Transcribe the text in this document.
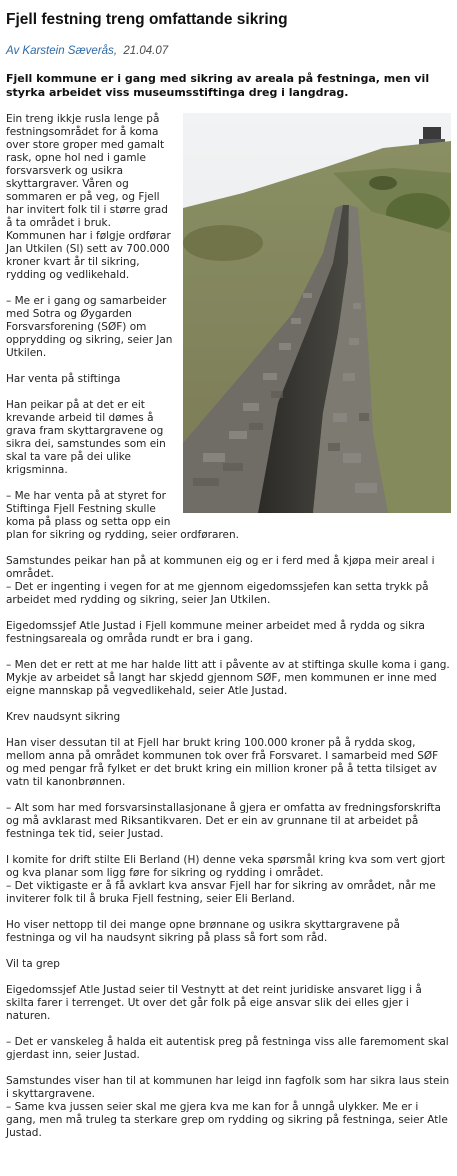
Fjell festning treng omfattande sikring
Av Karstein Sæverås,  21.04.07

Fjell kommune er i gang med sikring av areala på festninga, men vil styrka arbeidet viss museumsstiftinga dreg i langdrag.

Ein treng ikkje rusla lenge på festningsområdet for å koma over store groper med gamalt rask, opne hol ned i gamle forsvarsverk og usikra skyttargraver. Våren og sommaren er på veg, og Fjell har invitert folk til i større grad å ta området i bruk. Kommunen har i følgje ordførar Jan Utkilen (Sl) sett av 700.000 kroner kvart år til sikring, rydding og vedlikehald.

– Me er i gang og samarbeider med Sotra og Øygarden Forsvarsforening (SØF) om opprydding og sikring, seier Jan Utkilen.

Har venta på stiftinga

Han peikar på at det er eit krevande arbeid til dømes å grava fram skyttargravene og sikra dei, samstundes som ein skal ta vare på dei ulike krigsminna.

– Me har venta på at styret for Stiftinga Fjell Festning skulle koma på plass og setta opp ein plan for sikring og rydding, seier ordføraren.

Samstundes peikar han på at kommunen eig og er i ferd med å kjøpa meir areal i området.
– Det er ingenting i vegen for at me gjennom eigedomssjefen kan setta trykk på arbeidet med rydding og sikring, seier Jan Utkilen.

Eigedomssjef Atle Justad i Fjell kommune meiner arbeidet med å rydda og sikra festningsareala og områda rundt er bra i gang.

– Men det er rett at me har halde litt att i påvente av at stiftinga skulle koma i gang. Mykje av arbeidet så langt har skjedd gjennom SØF, men kommunen er inne med eigne mannskap på vegvedlikehald, seier Atle Justad.

Krev naudsynt sikring

Han viser dessutan til at Fjell har brukt kring 100.000 kroner på å rydda skog, mellom anna på området kommunen tok over frå Forsvaret. I samarbeid med SØF og med pengar frå fylket er det brukt kring ein million kroner på å tetta tilsiget av vatn til kanonbrønnen.

– Alt som har med forsvarsinstallasjonane å gjera er omfatta av fredningsforskrifta og må avklarast med Riksantikvaren. Det er ein av grunnane til at arbeidet på festninga tek tid, seier Justad.

I komite for drift stilte Eli Berland (H) denne veka spørsmål kring kva som vert gjort og kva planar som ligg føre for sikring og rydding i området.
– Det viktigaste er å få avklart kva ansvar Fjell har for sikring av området, når me inviterer folk til å bruka Fjell festning, seier Eli Berland.

Ho viser nettopp til dei mange opne brønnane og usikra skyttargravene på festninga og vil ha naudsynt sikring på plass så fort som råd.

Vil ta grep

Eigedomssjef Atle Justad seier til Vestnytt at det reint juridiske ansvaret ligg i å skilta farer i terrenget. Ut over det går folk på eige ansvar slik dei elles gjer i naturen.

– Det er vanskeleg å halda eit autentisk preg på festninga viss alle faremoment skal gjerdast inn, seier Justad.

Samstundes viser han til at kommunen har leigd inn fagfolk som har sikra laus stein i skyttargravene.
– Same kva jussen seier skal me gjera kva me kan for å unngå ulykker. Me er i gang, men må truleg ta sterkare grep om rydding og sikring på festninga, seier Atle Justad.
